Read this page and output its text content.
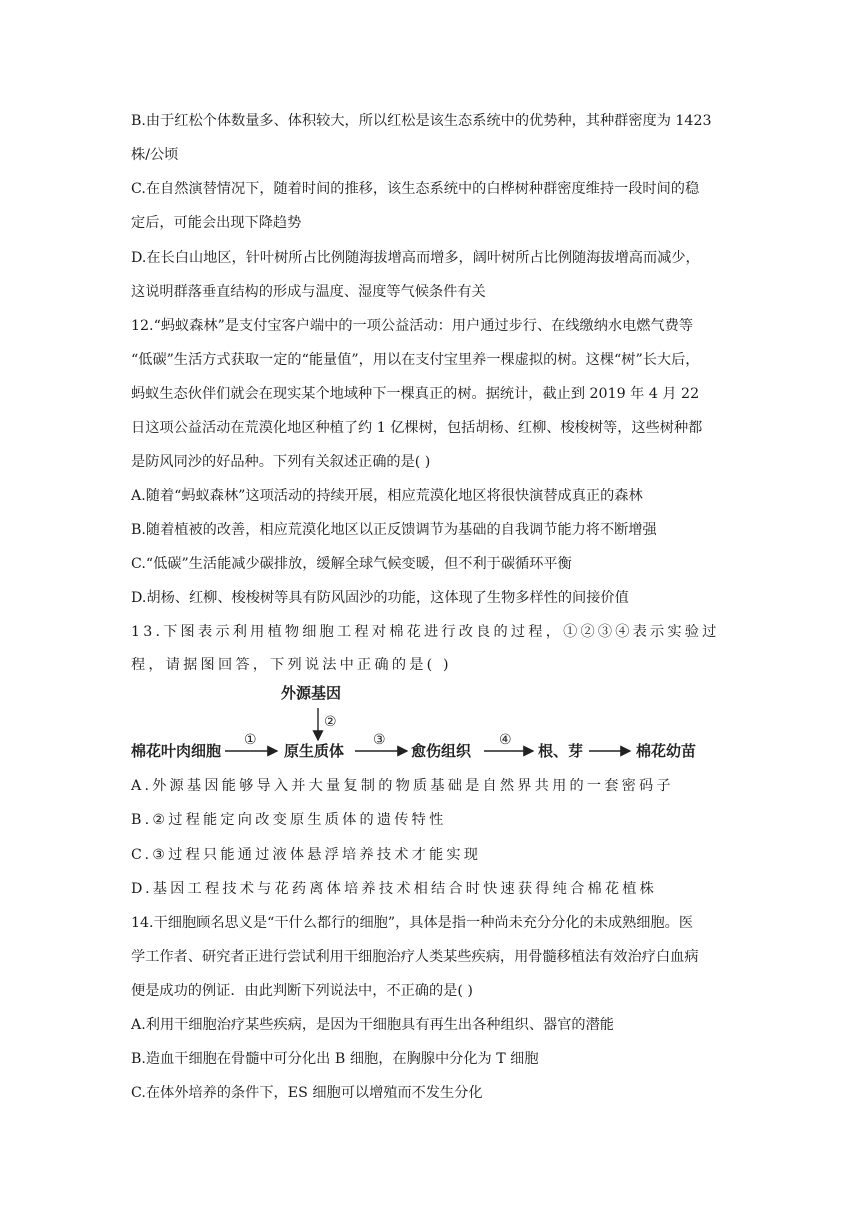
B.由于红松个体数量多、体积较大，所以红松是该生态系统中的优势种，其种群密度为 1423
株/公顷
C.在自然演替情况下，随着时间的推移，该生态系统中的白桦树种群密度维持一段时间的稳
定后，可能会出现下降趋势
D.在长白山地区，针叶树所占比例随海拔增高而增多，阔叶树所占比例随海拔增高而减少，
这说明群落垂直结构的形成与温度、湿度等气候条件有关
12.“蚂蚁森林”是支付宝客户端中的一项公益活动：用户通过步行、在线缴纳水电燃气费等
“低碳”生活方式获取一定的“能量值”，用以在支付宝里养一棵虚拟的树。这棵“树”长大后，
蚂蚁生态伙伴们就会在现实某个地域种下一棵真正的树。据统计，截止到 2019 年 4 月 22
日这项公益活动在荒漠化地区种植了约 1 亿棵树，包括胡杨、红柳、梭梭树等，这些树种都
是防风同沙的好品种。下列有关叙述正确的是( )
A.随着“蚂蚁森林”这项活动的持续开展，相应荒漠化地区将很快演替成真正的森林
B.随着植被的改善，相应荒漠化地区以正反馈调节为基础的自我调节能力将不断增强
C.“低碳”生活能减少碳排放，缓解全球气候变暖，但不利于碳循环平衡
D.胡杨、红柳、梭梭树等具有防风固沙的功能，这体现了生物多样性的间接价值
13.下图表示利用植物细胞工程对棉花进行改良的过程，①②③④表示实验过
程，请据图回答，下列说法中正确的是( )
外源基因
棉花叶肉细胞	原生质体	愈伤组织	根、芽	棉花幼苗
①
②
③	④
A.外源基因能够导入并大量复制的物质基础是自然界共用的一套密码子
B.②过程能定向改变原生质体的遗传特性
C.③过程只能通过液体悬浮培养技术才能实现
D.基因工程技术与花药离体培养技术相结合时快速获得纯合棉花植株
14.干细胞顾名思义是“干什么都行的细胞”，具体是指一种尚未充分分化的未成熟细胞。医
学工作者、研究者正进行尝试利用干细胞治疗人类某些疾病，用骨髓移植法有效治疗白血病
便是成功的例证．由此判断下列说法中，不正确的是( )
A.利用干细胞治疗某些疾病，是因为干细胞具有再生出各种组织、器官的潜能
B.造血干细胞在骨髓中可分化出 B 细胞，在胸腺中分化为 T 细胞
C.在体外培养的条件下，ES 细胞可以增殖而不发生分化
